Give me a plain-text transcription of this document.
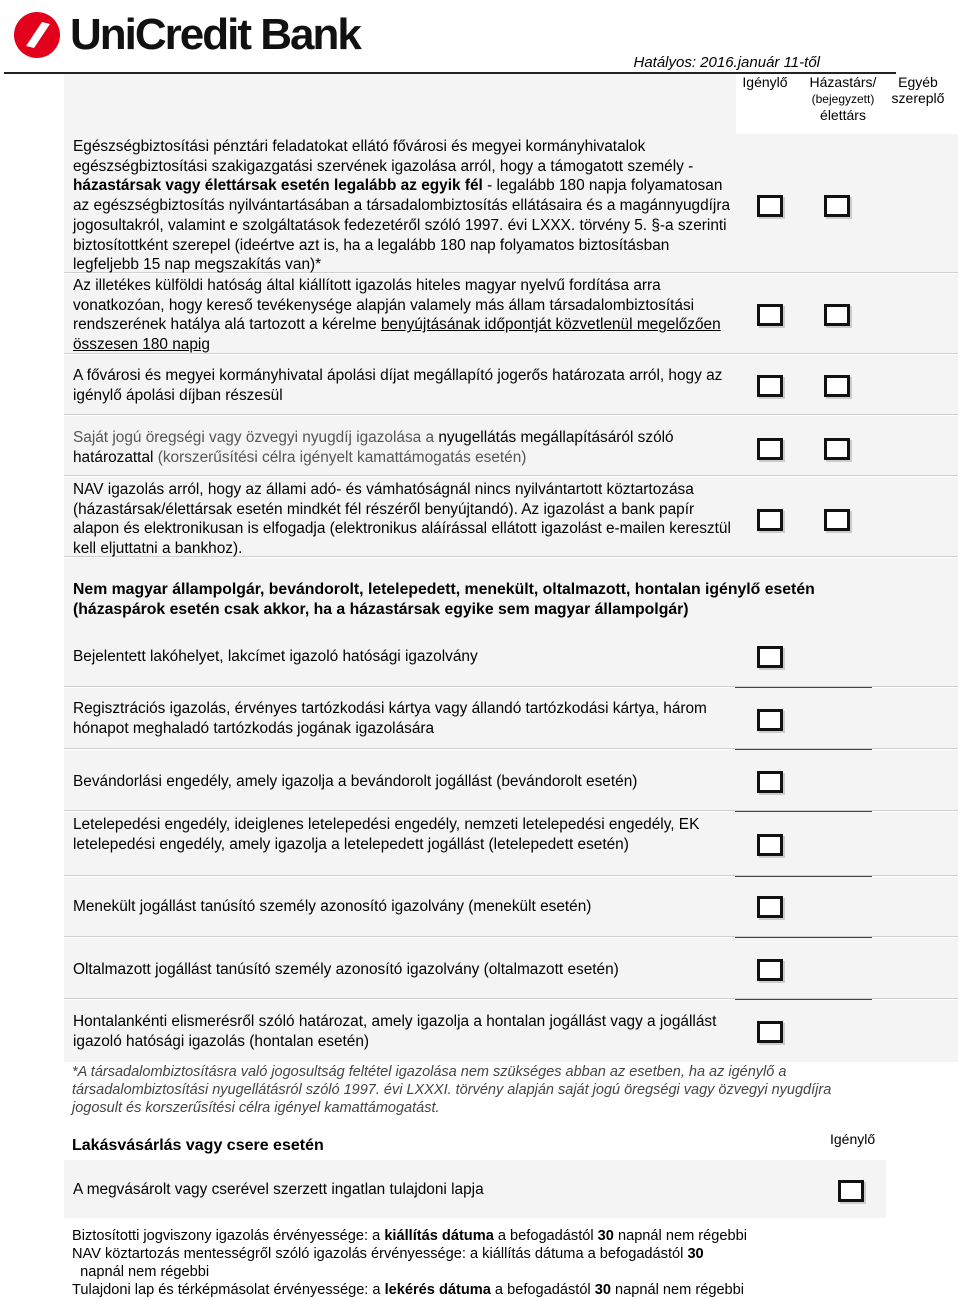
UniCredit Bank
Hatályos: 2016.január 11-től
Igénylő	Házastárs/
(bejegyzett)
élettárs
Egyéb
szereplő
Egészségbiztosítási pénztári feladatokat ellátó fővárosi és megyei kormányhivatalok egészségbiztosítási szakigazgatási szervének igazolása arról, hogy a támogatott személy - házastársak vagy élettársak esetén legalább az egyik fél - legalább 180 napja folyamatosan az egészségbiztosítás nyilvántartásában a társadalombiztosítás ellátásaira és a magánnyugdíjra jogosultakról, valamint e szolgáltatások fedezetéről szóló 1997. évi LXXX. törvény 5. §-a szerinti biztosítottként szerepel (ideértve azt is, ha a legalább 180 nap folyamatos biztosításban legfeljebb 15 nap megszakítás van)*
Az illetékes külföldi hatóság által kiállított igazolás hiteles magyar nyelvű fordítása arra vonatkozóan, hogy kereső tevékenysége alapján valamely más állam társadalombiztosítási rendszerének hatálya alá tartozott a kérelme benyújtásának időpontját közvetlenül megelőzően összesen 180 napig
A fővárosi és megyei kormányhivatal ápolási díjat megállapító jogerős határozata arról, hogy az igénylő ápolási díjban részesül
Saját jogú öregségi vagy özvegyi nyugdíj igazolása a nyugellátás megállapításáról szóló határozattal (korszerűsítési célra igényelt kamattámogatás esetén)
NAV igazolás arról, hogy az állami adó- és vámhatóságnál nincs nyilvántartott köztartozása (házastársak/élettársak esetén mindkét fél részéről benyújtandó). Az igazolást a bank papír alapon és elektronikusan is elfogadja (elektronikus aláírással ellátott igazolást e-mailen keresztül kell eljuttatni a bankhoz).
Nem magyar állampolgár, bevándorolt, letelepedett, menekült, oltalmazott, hontalan igénylő esetén (házaspárok esetén csak akkor, ha a házastársak egyike sem magyar állampolgár)
Bejelentett lakóhelyet, lakcímet igazoló hatósági igazolvány
Regisztrációs igazolás, érvényes tartózkodási kártya vagy állandó tartózkodási kártya, három hónapot meghaladó tartózkodás jogának igazolására
Bevándorlási engedély, amely igazolja a bevándorolt jogállást (bevándorolt esetén)
Letelepedési engedély, ideiglenes letelepedési engedély, nemzeti letelepedési engedély, EK letelepedési engedély, amely igazolja a letelepedett jogállást (letelepedett esetén)
Menekült jogállást tanúsító személy azonosító igazolvány (menekült esetén)
Oltalmazott jogállást tanúsító személy azonosító igazolvány (oltalmazott esetén)
Hontalankénti elismerésről szóló határozat, amely igazolja a hontalan jogállást vagy a jogállást igazoló hatósági igazolás (hontalan esetén)
*A társadalombiztosításra való jogosultság feltétel igazolása nem szükséges abban az esetben, ha az igénylő a társadalombiztosítási nyugellátásról szóló 1997. évi LXXXI. törvény alapján saját jogú öregségi vagy özvegyi nyugdíjra jogosult és korszerűsítési célra igényel kamattámogatást.
Lakásvásárlás vagy csere esetén	Igénylő
A megvásárolt vagy cserével szerzett ingatlan tulajdoni lapja

Biztosítotti jogviszony igazolás érvényessége: a kiállítás dátuma a befogadástól 30 napnál nem régebbi

NAV köztartozás mentességről szóló igazolás érvényessége: a kiállítás dátuma a befogadástól 30
napnál nem régebbi

Tulajdoni lap és térképmásolat érvényessége: a lekérés dátuma a befogadástól 30 napnál nem régebbi
